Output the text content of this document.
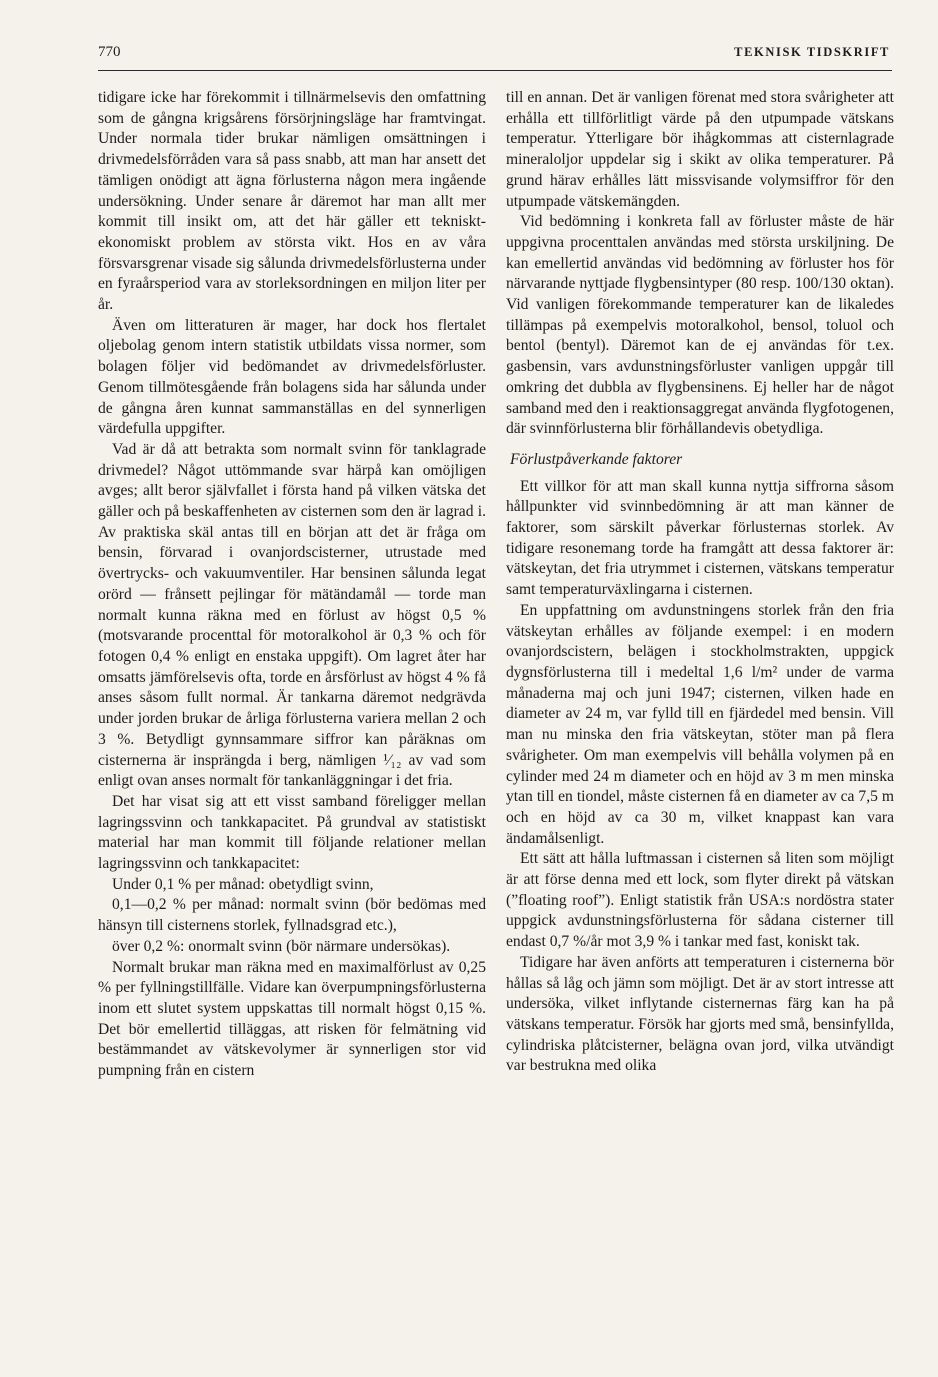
770	TEKNISK TIDSKRIFT

tidigare icke har förekommit i tillnärmelsevis den omfattning som de gångna krigsårens försörjningsläge har framtvingat. Under normala tider brukar nämligen omsättningen i drivmedelsförråden vara så pass snabb, att man har ansett det tämligen onödigt att ägna förlusterna någon mera ingående undersökning. Under senare år däremot har man allt mer kommit till insikt om, att det här gäller ett tekniskt-ekonomiskt problem av största vikt. Hos en av våra försvarsgrenar visade sig sålunda drivmedelsförlusterna under en fyraårsperiod vara av storleksordningen en miljon liter per år.

Även om litteraturen är mager, har dock hos flertalet oljebolag genom intern statistik utbildats vissa normer, som bolagen följer vid bedömandet av drivmedelsförluster. Genom tillmötesgående från bolagens sida har sålunda under de gångna åren kunnat sammanställas en del synnerligen värdefulla uppgifter.

Vad är då att betrakta som normalt svinn för tanklagrade drivmedel? Något uttömmande svar härpå kan omöjligen avges; allt beror självfallet i första hand på vilken vätska det gäller och på beskaffenheten av cisternen som den är lagrad i. Av praktiska skäl antas till en början att det är fråga om bensin, förvarad i ovanjordscisterner, utrustade med övertrycks- och vakuumventiler. Har bensinen sålunda legat orörd — frånsett pejlingar för mätändamål — torde man normalt kunna räkna med en förlust av högst 0,5 % (motsvarande procenttal för motoralkohol är 0,3 % och för fotogen 0,4 % enligt en enstaka uppgift). Om lagret åter har omsatts jämförelsevis ofta, torde en årsförlust av högst 4 % få anses såsom fullt normal. Är tankarna däremot nedgrävda under jorden brukar de årliga förlusterna variera mellan 2 och 3 %. Betydligt gynnsammare siffror kan påräknas om cisternerna är insprängda i berg, nämligen ¹⁄₁₂ av vad som enligt ovan anses normalt för tankanläggningar i det fria.

Det har visat sig att ett visst samband föreligger mellan lagringssvinn och tankkapacitet. På grundval av statistiskt material har man kommit till följande relationer mellan lagringssvinn och tankkapacitet:

Under 0,1 % per månad: obetydligt svinn,

0,1—0,2 % per månad: normalt svinn (bör bedömas med hänsyn till cisternens storlek, fyllnadsgrad etc.),

över 0,2 %: onormalt svinn (bör närmare undersökas).

Normalt brukar man räkna med en maximalförlust av 0,25 % per fyllningstillfälle. Vidare kan överpumpningsförlusterna inom ett slutet system uppskattas till normalt högst 0,15 %. Det bör emellertid tilläggas, att risken för felmätning vid bestämmandet av vätskevolymer är synnerligen stor vid pumpning från en cistern

till en annan. Det är vanligen förenat med stora svårigheter att erhålla ett tillförlitligt värde på den utpumpade vätskans temperatur. Ytterligare bör ihågkommas att cisternlagrade mineraloljor uppdelar sig i skikt av olika temperaturer. På grund härav erhålles lätt missvisande volymsiffror för den utpumpade vätskemängden.

Vid bedömning i konkreta fall av förluster måste de här uppgivna procenttalen användas med största urskiljning. De kan emellertid användas vid bedömning av förluster hos för närvarande nyttjade flygbensintyper (80 resp. 100/130 oktan). Vid vanligen förekommande temperaturer kan de likaledes tillämpas på exempelvis motoralkohol, bensol, toluol och bentol (bentyl). Däremot kan de ej användas för t.ex. gasbensin, vars avdunstningsförluster vanligen uppgår till omkring det dubbla av flygbensinens. Ej heller har de något samband med den i reaktionsaggregat använda flygfotogenen, där svinnförlusterna blir förhållandevis obetydliga.

Förlustpåverkande faktorer

Ett villkor för att man skall kunna nyttja siffrorna såsom hållpunkter vid svinnbedömning är att man känner de faktorer, som särskilt påverkar förlusternas storlek. Av tidigare resonemang torde ha framgått att dessa faktorer är: vätskeytan, det fria utrymmet i cisternen, vätskans temperatur samt temperaturväxlingarna i cisternen.

En uppfattning om avdunstningens storlek från den fria vätskeytan erhålles av följande exempel: i en modern ovanjordscistern, belägen i stockholmstrakten, uppgick dygnsförlusterna till i medeltal 1,6 l/m² under de varma månaderna maj och juni 1947; cisternen, vilken hade en diameter av 24 m, var fylld till en fjärdedel med bensin. Vill man nu minska den fria vätskeytan, stöter man på flera svårigheter. Om man exempelvis vill behålla volymen på en cylinder med 24 m diameter och en höjd av 3 m men minska ytan till en tiondel, måste cisternen få en diameter av ca 7,5 m och en höjd av ca 30 m, vilket knappast kan vara ändamålsenligt.

Ett sätt att hålla luftmassan i cisternen så liten som möjligt är att förse denna med ett lock, som flyter direkt på vätskan (”floating roof”). Enligt statistik från USA:s nordöstra stater uppgick avdunstningsförlusterna för sådana cisterner till endast 0,7 %/år mot 3,9 % i tankar med fast, koniskt tak.

Tidigare har även anförts att temperaturen i cisternerna bör hållas så låg och jämn som möjligt. Det är av stort intresse att undersöka, vilket inflytande cisternernas färg kan ha på vätskans temperatur. Försök har gjorts med små, bensinfyllda, cylindriska plåtcisterner, belägna ovan jord, vilka utvändigt var bestrukna med olika
